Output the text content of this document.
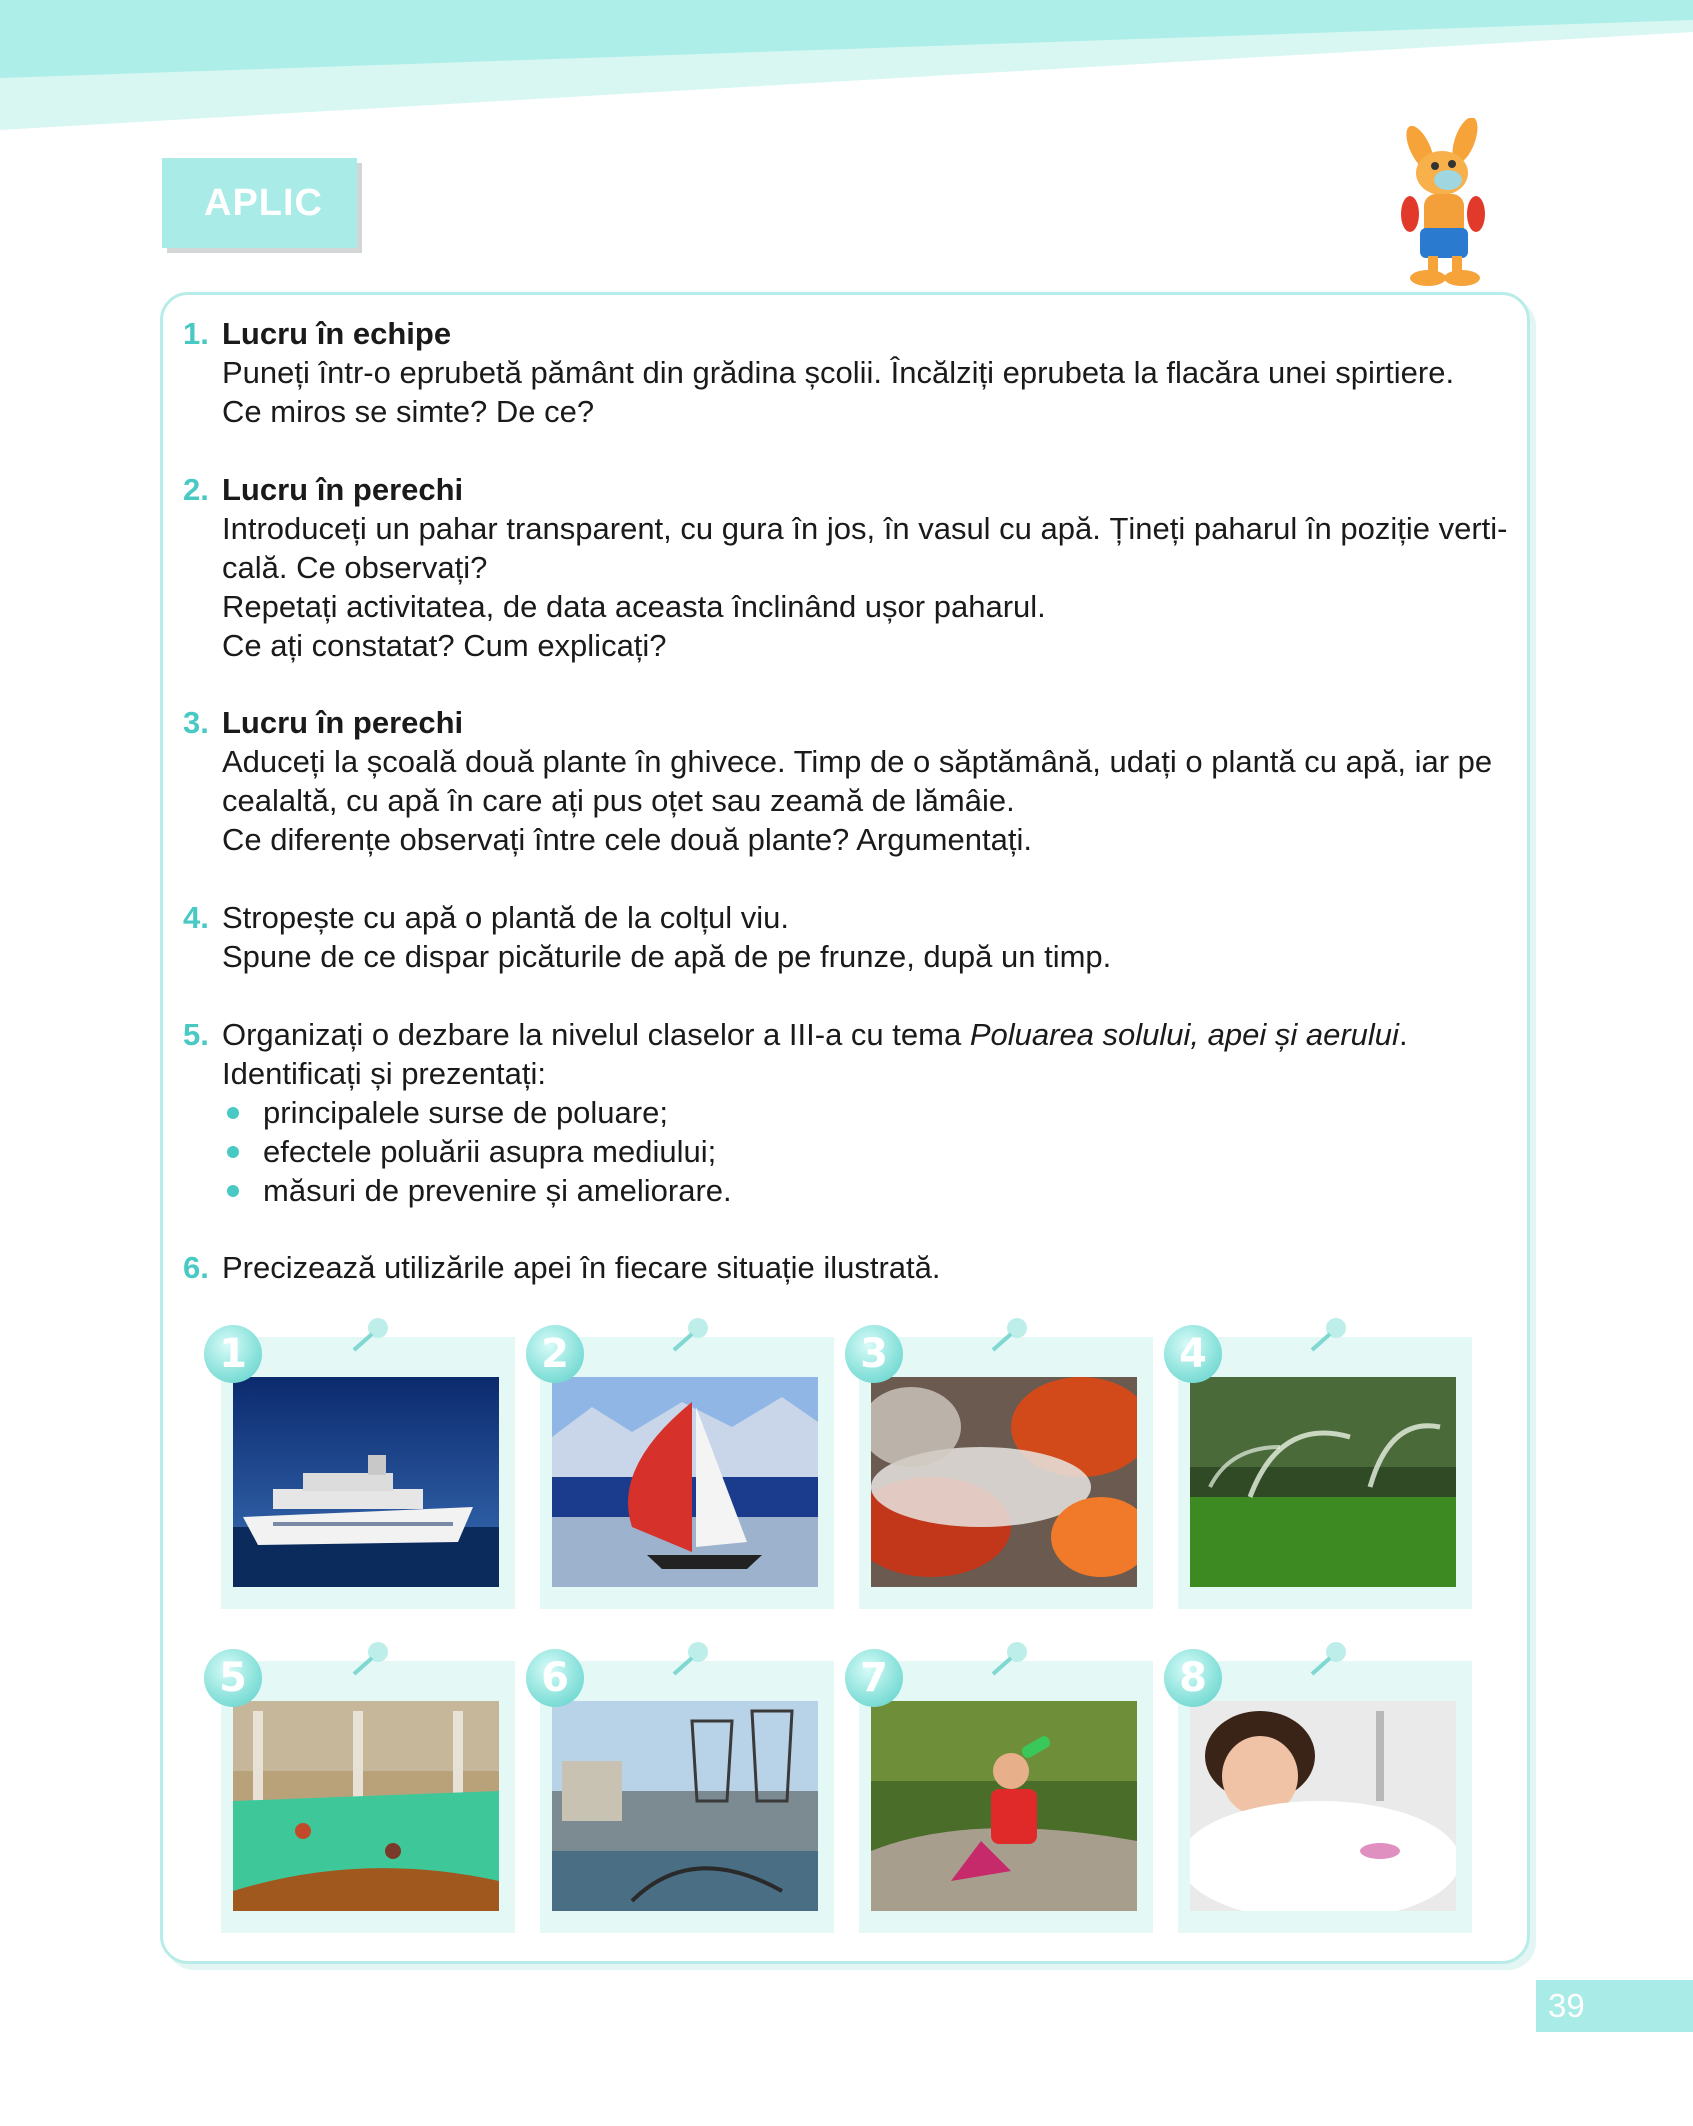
APLIC
1. Lucru în echipe

Puneți într-o eprubetă pământ din grădina școlii. Încălziți eprubeta la flacăra unei spirtiere.

Ce miros se simte? De ce?

2. Lucru în perechi

Introduceți un pahar transparent, cu gura în jos, în vasul cu apă. Țineți paharul în poziție verti-

cală. Ce observați?

Repetați activitatea, de data aceasta înclinând ușor paharul.

Ce ați constatat? Cum explicați?

3. Lucru în perechi

Aduceți la școală două plante în ghivece. Timp de o săptămână, udați o plantă cu apă, iar pe

cealaltă, cu apă în care ați pus oțet sau zeamă de lămâie.

Ce diferențe observați între cele două plante? Argumentați.

4. Stropește cu apă o plantă de la colțul viu.

Spune de ce dispar picăturile de apă de pe frunze, după un timp.

5. Organizați o dezbare la nivelul claselor a III-a cu tema Poluarea solului, apei și aerului.

Identificați și prezentați:

principalele surse de poluare;
efectele poluării asupra mediului;
măsuri de prevenire și ameliorare.
6. Precizează utilizările apei în fiecare situație ilustrată.

1	2	3	4
5	6	7	8
39
